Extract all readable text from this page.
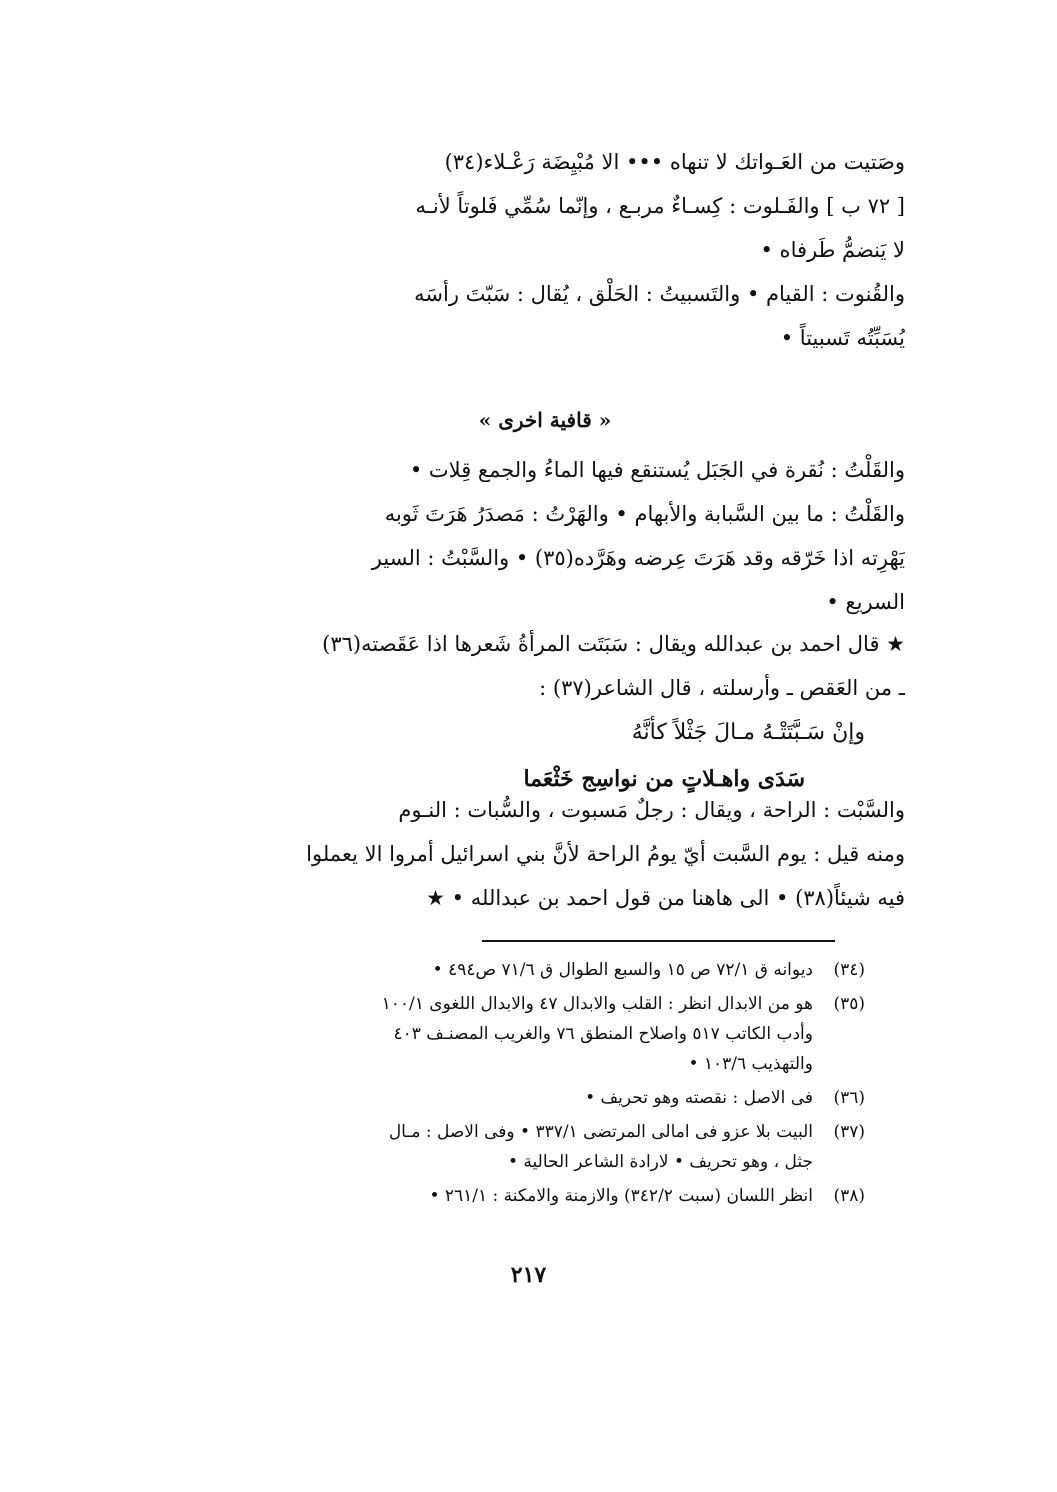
وصَتيت من العَـواتك لا تنهاه ••• الا مُبْيِضَة رَعْـلاء(٣٤)
[ ٧٢ ب ] والفَـلوت : كِسـاءٌ مربـع ، وإنّما سُمِّي فَلوتاً لأنـه
لا يَنضمُّ طَرفاه •
والقُنوت : القيام • والتَسبيتُ : الحَلْق ، يُقال : سَبّتَ رأسَه
يُسَبِّتُه تَسبيتاً •
« قافية اخرى »
والقَلْتُ : نُقرة في الجَبَل يُستنقع فيها الماءُ والجمع قِلات •
والقَلْتُ : ما بين السَّبابة والأبهام • والهَرْتُ : مَصدَرُ هَرَتَ ثَوبه
يَهْرِته اذا خَرّقه وقد هَرَتَ عِرضه وهَرَّده(٣٥) • والسَّبْتُ : السير
السريع •
★ قال احمد بن عبدالله ويقال : سَبَتَت المرأةُ شَعرها اذا عَقَصته(٣٦)
ـ من العَقص ـ وأرسلته ، قال الشاعر(٣٧) :
وإنْ سَـبَّتَتْـهُ مـالَ جَثْلاً كأنَّهُ
سَدَى واهـلاتٍ من نواسِج خَثْعَما
والسَّبْت : الراحة ، ويقال : رجلٌ مَسبوت ، والسُّبات : النـوم
ومنه قيل : يوم السَّبت أيّ يومُ الراحة لأنَّ بني اسرائيل أمروا الا يعملوا
فيه شيئاً(٣٨) • الى هاهنا من قول احمد بن عبدالله • ★
(٣٤)
ديوانه ق ٧٢/١ ص ١٥ والسبع الطوال ق ٧١/٦ ص٤٩٤ •
(٣٥)
هو من الابدال انظر : القلب والابدال ٤٧ والابدال اللغوى ١٠٠/١
وأدب الكاتب ٥١٧ واصلاح المنطق ٧٦ والغريب المصنـف ٤٠٣
والتهذيب ١٠٣/٦ •
(٣٦)
فى الاصل : نقصته وهو تحريف •
(٣٧)
البيت بلا عزو فى امالى المرتضى ٣٣٧/١ • وفى الاصل : مـال
جثل ، وهو تحريف • لارادة الشاعر الحالية •
(٣٨)
انظر اللسان (سبت ٣٤٢/٢) والازمنة والامكنة : ٢٦١/١ •
٢١٧
